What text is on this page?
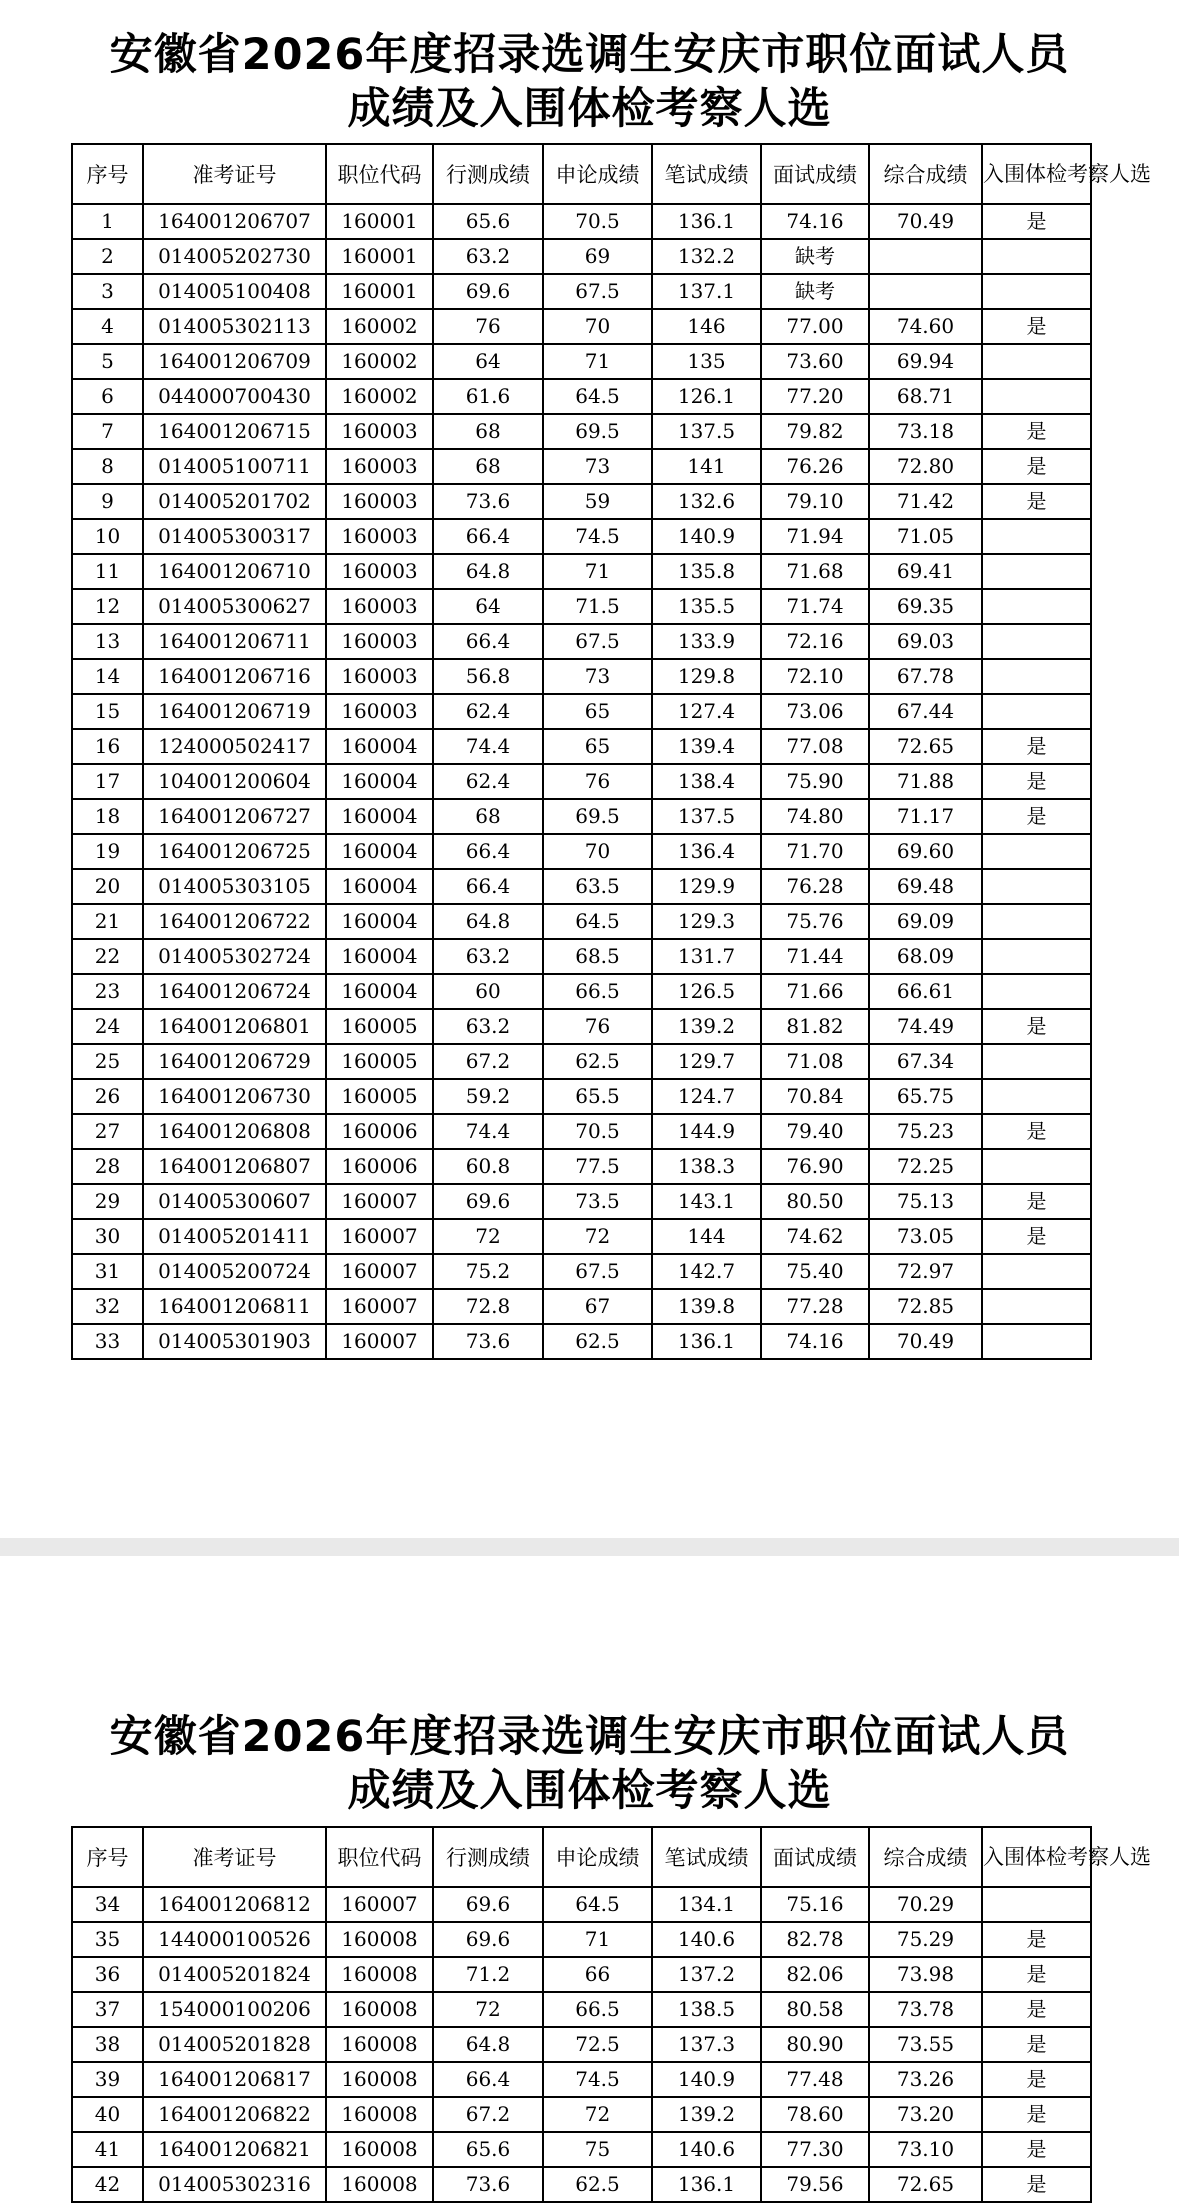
安徽省2026年度招录选调生安庆市职位面试人员
成绩及入围体检考察人选
序号	准考证号	职位代码	行测成绩	申论成绩	笔试成绩	面试成绩	综合成绩	入围体检考察人选
1	164001206707	160001	65.6	70.5	136.1	74.16	70.49	是
2	014005202730	160001	63.2	69	132.2	缺考		
3	014005100408	160001	69.6	67.5	137.1	缺考		
4	014005302113	160002	76	70	146	77.00	74.60	是
5	164001206709	160002	64	71	135	73.60	69.94	
6	044000700430	160002	61.6	64.5	126.1	77.20	68.71	
7	164001206715	160003	68	69.5	137.5	79.82	73.18	是
8	014005100711	160003	68	73	141	76.26	72.80	是
9	014005201702	160003	73.6	59	132.6	79.10	71.42	是
10	014005300317	160003	66.4	74.5	140.9	71.94	71.05	
11	164001206710	160003	64.8	71	135.8	71.68	69.41	
12	014005300627	160003	64	71.5	135.5	71.74	69.35	
13	164001206711	160003	66.4	67.5	133.9	72.16	69.03	
14	164001206716	160003	56.8	73	129.8	72.10	67.78	
15	164001206719	160003	62.4	65	127.4	73.06	67.44	
16	124000502417	160004	74.4	65	139.4	77.08	72.65	是
17	104001200604	160004	62.4	76	138.4	75.90	71.88	是
18	164001206727	160004	68	69.5	137.5	74.80	71.17	是
19	164001206725	160004	66.4	70	136.4	71.70	69.60	
20	014005303105	160004	66.4	63.5	129.9	76.28	69.48	
21	164001206722	160004	64.8	64.5	129.3	75.76	69.09	
22	014005302724	160004	63.2	68.5	131.7	71.44	68.09	
23	164001206724	160004	60	66.5	126.5	71.66	66.61	
24	164001206801	160005	63.2	76	139.2	81.82	74.49	是
25	164001206729	160005	67.2	62.5	129.7	71.08	67.34	
26	164001206730	160005	59.2	65.5	124.7	70.84	65.75	
27	164001206808	160006	74.4	70.5	144.9	79.40	75.23	是
28	164001206807	160006	60.8	77.5	138.3	76.90	72.25	
29	014005300607	160007	69.6	73.5	143.1	80.50	75.13	是
30	014005201411	160007	72	72	144	74.62	73.05	是
31	014005200724	160007	75.2	67.5	142.7	75.40	72.97	
32	164001206811	160007	72.8	67	139.8	77.28	72.85	
33	014005301903	160007	73.6	62.5	136.1	74.16	70.49	
安徽省2026年度招录选调生安庆市职位面试人员
成绩及入围体检考察人选
序号	准考证号	职位代码	行测成绩	申论成绩	笔试成绩	面试成绩	综合成绩	入围体检考察人选
34	164001206812	160007	69.6	64.5	134.1	75.16	70.29	
35	144000100526	160008	69.6	71	140.6	82.78	75.29	是
36	014005201824	160008	71.2	66	137.2	82.06	73.98	是
37	154000100206	160008	72	66.5	138.5	80.58	73.78	是
38	014005201828	160008	64.8	72.5	137.3	80.90	73.55	是
39	164001206817	160008	66.4	74.5	140.9	77.48	73.26	是
40	164001206822	160008	67.2	72	139.2	78.60	73.20	是
41	164001206821	160008	65.6	75	140.6	77.30	73.10	是
42	014005302316	160008	73.6	62.5	136.1	79.56	72.65	是
